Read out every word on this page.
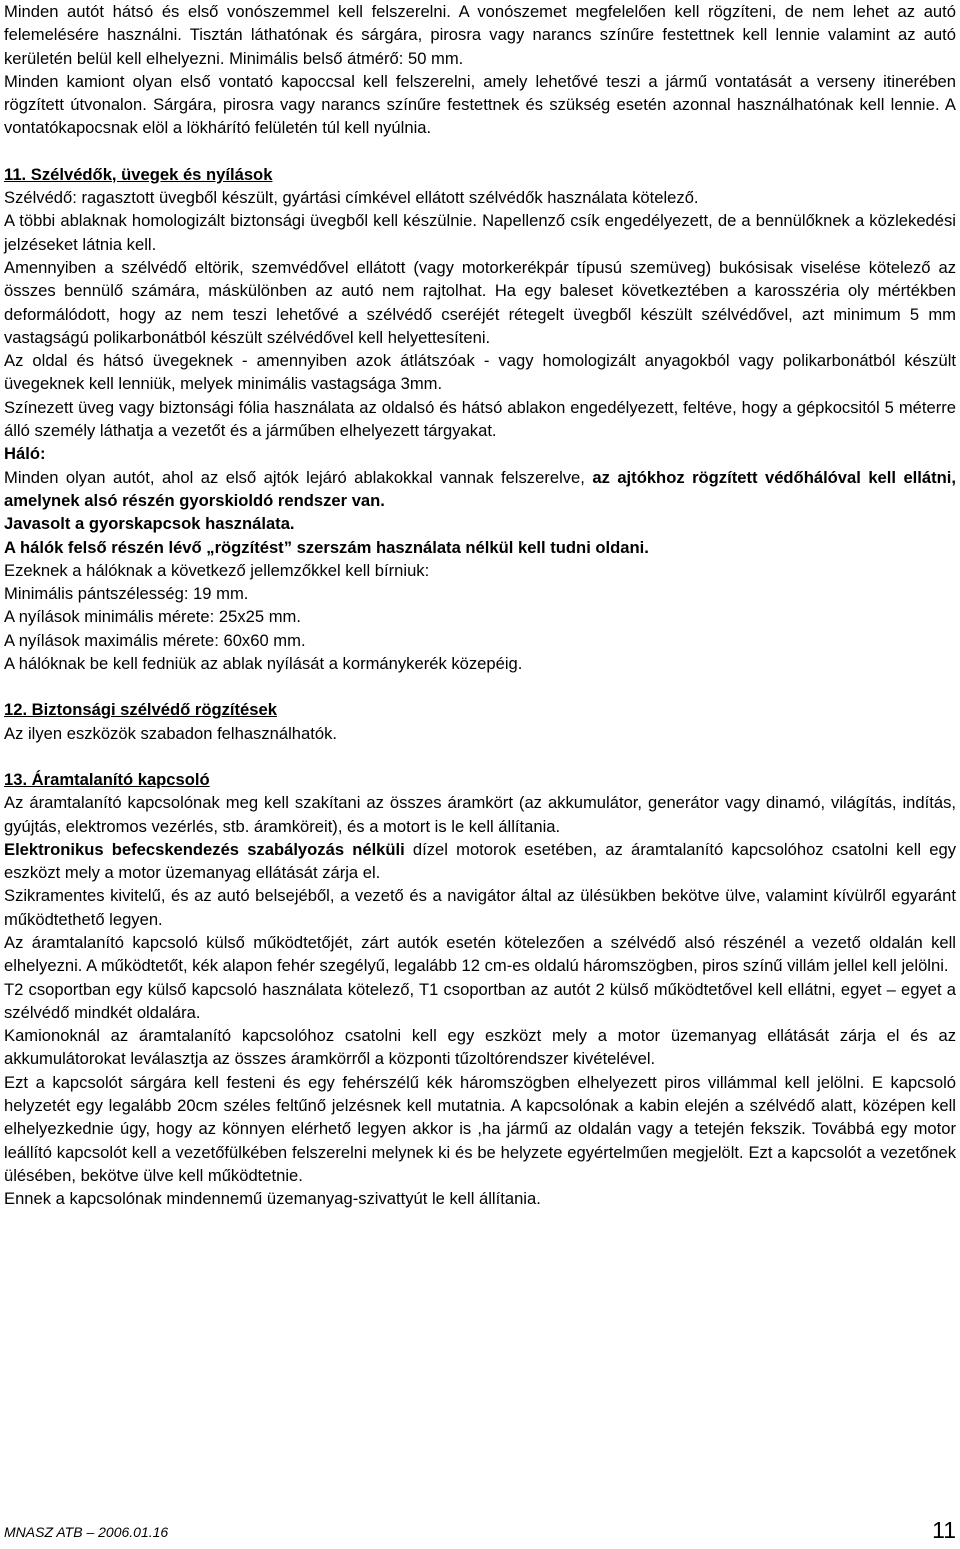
Minden autót hátsó és első vonószemmel kell felszerelni. A vonószemet megfelelően kell rögzíteni, de nem lehet az autó felemelésére használni. Tisztán láthatónak és sárgára, pirosra vagy narancs színűre festettnek kell lennie valamint az autó kerületén belül kell elhelyezni. Minimális belső átmérő: 50 mm.

Minden kamiont olyan első vontató kapoccsal kell felszerelni, amely lehetővé teszi a jármű vontatását a verseny itinerében rögzített útvonalon. Sárgára, pirosra vagy narancs színűre festettnek és szükség esetén azonnal használhatónak kell lennie. A vontatókapocsnak elöl a lökhárító felületén túl kell nyúlnia.

11. Szélvédők, üvegek és nyílások

Szélvédő: ragasztott üvegből készült, gyártási címkével ellátott szélvédők használata kötelező.

A többi ablaknak homologizált biztonsági üvegből kell készülnie. Napellenző csík engedélyezett, de a bennülőknek a közlekedési jelzéseket látnia kell.

Amennyiben a szélvédő eltörik, szemvédővel ellátott (vagy motorkerékpár típusú szemüveg) bukósisak viselése kötelező az összes bennülő számára, máskülönben az autó nem rajtolhat. Ha egy baleset következtében a karosszéria oly mértékben deformálódott, hogy az nem teszi lehetővé a szélvédő cseréjét rétegelt üvegből készült szélvédővel, azt minimum 5 mm vastagságú polikarbonátból készült szélvédővel kell helyettesíteni.

Az oldal és hátsó üvegeknek - amennyiben azok átlátszóak - vagy homologizált anyagokból vagy polikarbonátból készült üvegeknek kell lenniük, melyek minimális vastagsága 3mm.

Színezett üveg vagy biztonsági fólia használata az oldalsó és hátsó ablakon engedélyezett, feltéve, hogy a gépkocsitól 5 méterre álló személy láthatja a vezetőt és a járműben elhelyezett tárgyakat.

Háló:

Minden olyan autót, ahol az első ajtók lejáró ablakokkal vannak felszerelve, az ajtókhoz rögzített védőhálóval kell ellátni, amelynek alsó részén gyorskioldó rendszer van.

Javasolt a gyorskapcsok használata.

A hálók felső részén lévő „rögzítést” szerszám használata nélkül kell tudni oldani.

Ezeknek a hálóknak a következő jellemzőkkel kell bírniuk:

Minimális pántszélesség: 19 mm.

A nyílások minimális mérete: 25x25 mm.

A nyílások maximális mérete: 60x60 mm.

A hálóknak be kell fedniük az ablak nyílását a kormánykerék közepéig.

12. Biztonsági szélvédő rögzítések

Az ilyen eszközök szabadon felhasználhatók.

13. Áramtalanító kapcsoló

Az áramtalanító kapcsolónak meg kell szakítani az összes áramkört (az akkumulátor, generátor vagy dinamó, világítás, indítás, gyújtás, elektromos vezérlés, stb. áramköreit), és a motort is le kell állítania.

Elektronikus befecskendezés szabályozás nélküli dízel motorok esetében, az áramtalanító kapcsolóhoz csatolni kell egy eszközt mely a motor üzemanyag ellátását zárja el.

Szikramentes kivitelű, és az autó belsejéből, a vezető és a navigátor által az ülésükben bekötve ülve, valamint kívülről egyaránt működtethető legyen.

Az áramtalanító kapcsoló külső működtetőjét, zárt autók esetén kötelezően a szélvédő alsó részénél a vezető oldalán kell elhelyezni. A működtetőt, kék alapon fehér szegélyű, legalább 12 cm-es oldalú háromszögben, piros színű villám jellel kell jelölni.

T2 csoportban egy külső kapcsoló használata kötelező, T1 csoportban az autót 2 külső működtetővel kell ellátni, egyet – egyet a szélvédő mindkét oldalára.

Kamionoknál az áramtalanító kapcsolóhoz csatolni kell egy eszközt mely a motor üzemanyag ellátását zárja el és az akkumulátorokat leválasztja az összes áramkörről a központi tűzoltórendszer kivételével.

Ezt a kapcsolót sárgára kell festeni és egy fehérszélű kék háromszögben elhelyezett piros villámmal kell jelölni. E kapcsoló helyzetét egy legalább 20cm széles feltűnő jelzésnek kell mutatnia. A kapcsolónak a kabin elején a szélvédő alatt, középen kell elhelyezkednie úgy, hogy az könnyen elérhető legyen akkor is ,ha jármű az oldalán vagy a tetején fekszik. Továbbá egy motor leállító kapcsolót kell a vezetőfülkében felszerelni melynek ki és be helyzete egyértelműen megjelölt. Ezt a kapcsolót a vezetőnek ülésében, bekötve ülve kell működtetnie.

Ennek a kapcsolónak mindennemű üzemanyag-szivattyút le kell állítania.

MNASZ ATB – 2006.01.16	11
